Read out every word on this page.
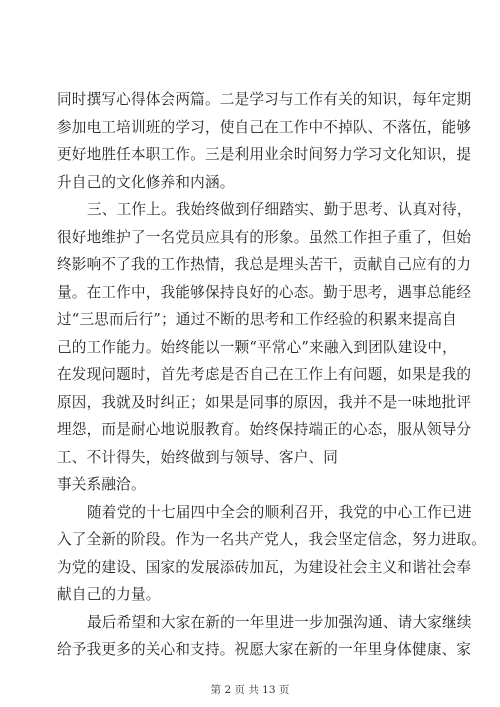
同时撰写心得体会两篇。二是学习与工作有关的知识，每年定期
参加电工培训班的学习，使自己在工作中不掉队、不落伍，能够
更好地胜任本职工作。三是利用业余时间努力学习文化知识，提
升自己的文化修养和内涵。
三、工作上。我始终做到仔细踏实、勤于思考、认真对待，
很好地维护了一名党员应具有的形象。虽然工作担子重了，但始
终影响不了我的工作热情，我总是埋头苦干，贡献自己应有的力
量。在工作中，我能够保持良好的心态。勤于思考，遇事总能经
过“三思而后行”；通过不断的思考和工作经验的积累来提高自
己的工作能力。始终能以一颗“平常心”来融入到团队建设中，
在发现问题时，首先考虑是否自己在工作上有问题，如果是我的
原因，我就及时纠正；如果是同事的原因，我并不是一味地批评
埋怨，而是耐心地说服教育。始终保持端正的心态，服从领导分
工、不计得失，始终做到与领导、客户、同
事关系融洽。
随着党的十七届四中全会的顺利召开，我党的中心工作已进
入了全新的阶段。作为一名共产党人，我会坚定信念，努力进取。
为党的建设、国家的发展添砖加瓦，为建设社会主义和谐社会奉
献自己的力量。
最后希望和大家在新的一年里进一步加强沟通、请大家继续
给予我更多的关心和支持。祝愿大家在新的一年里身体健康、家
第 2 页 共 13 页
